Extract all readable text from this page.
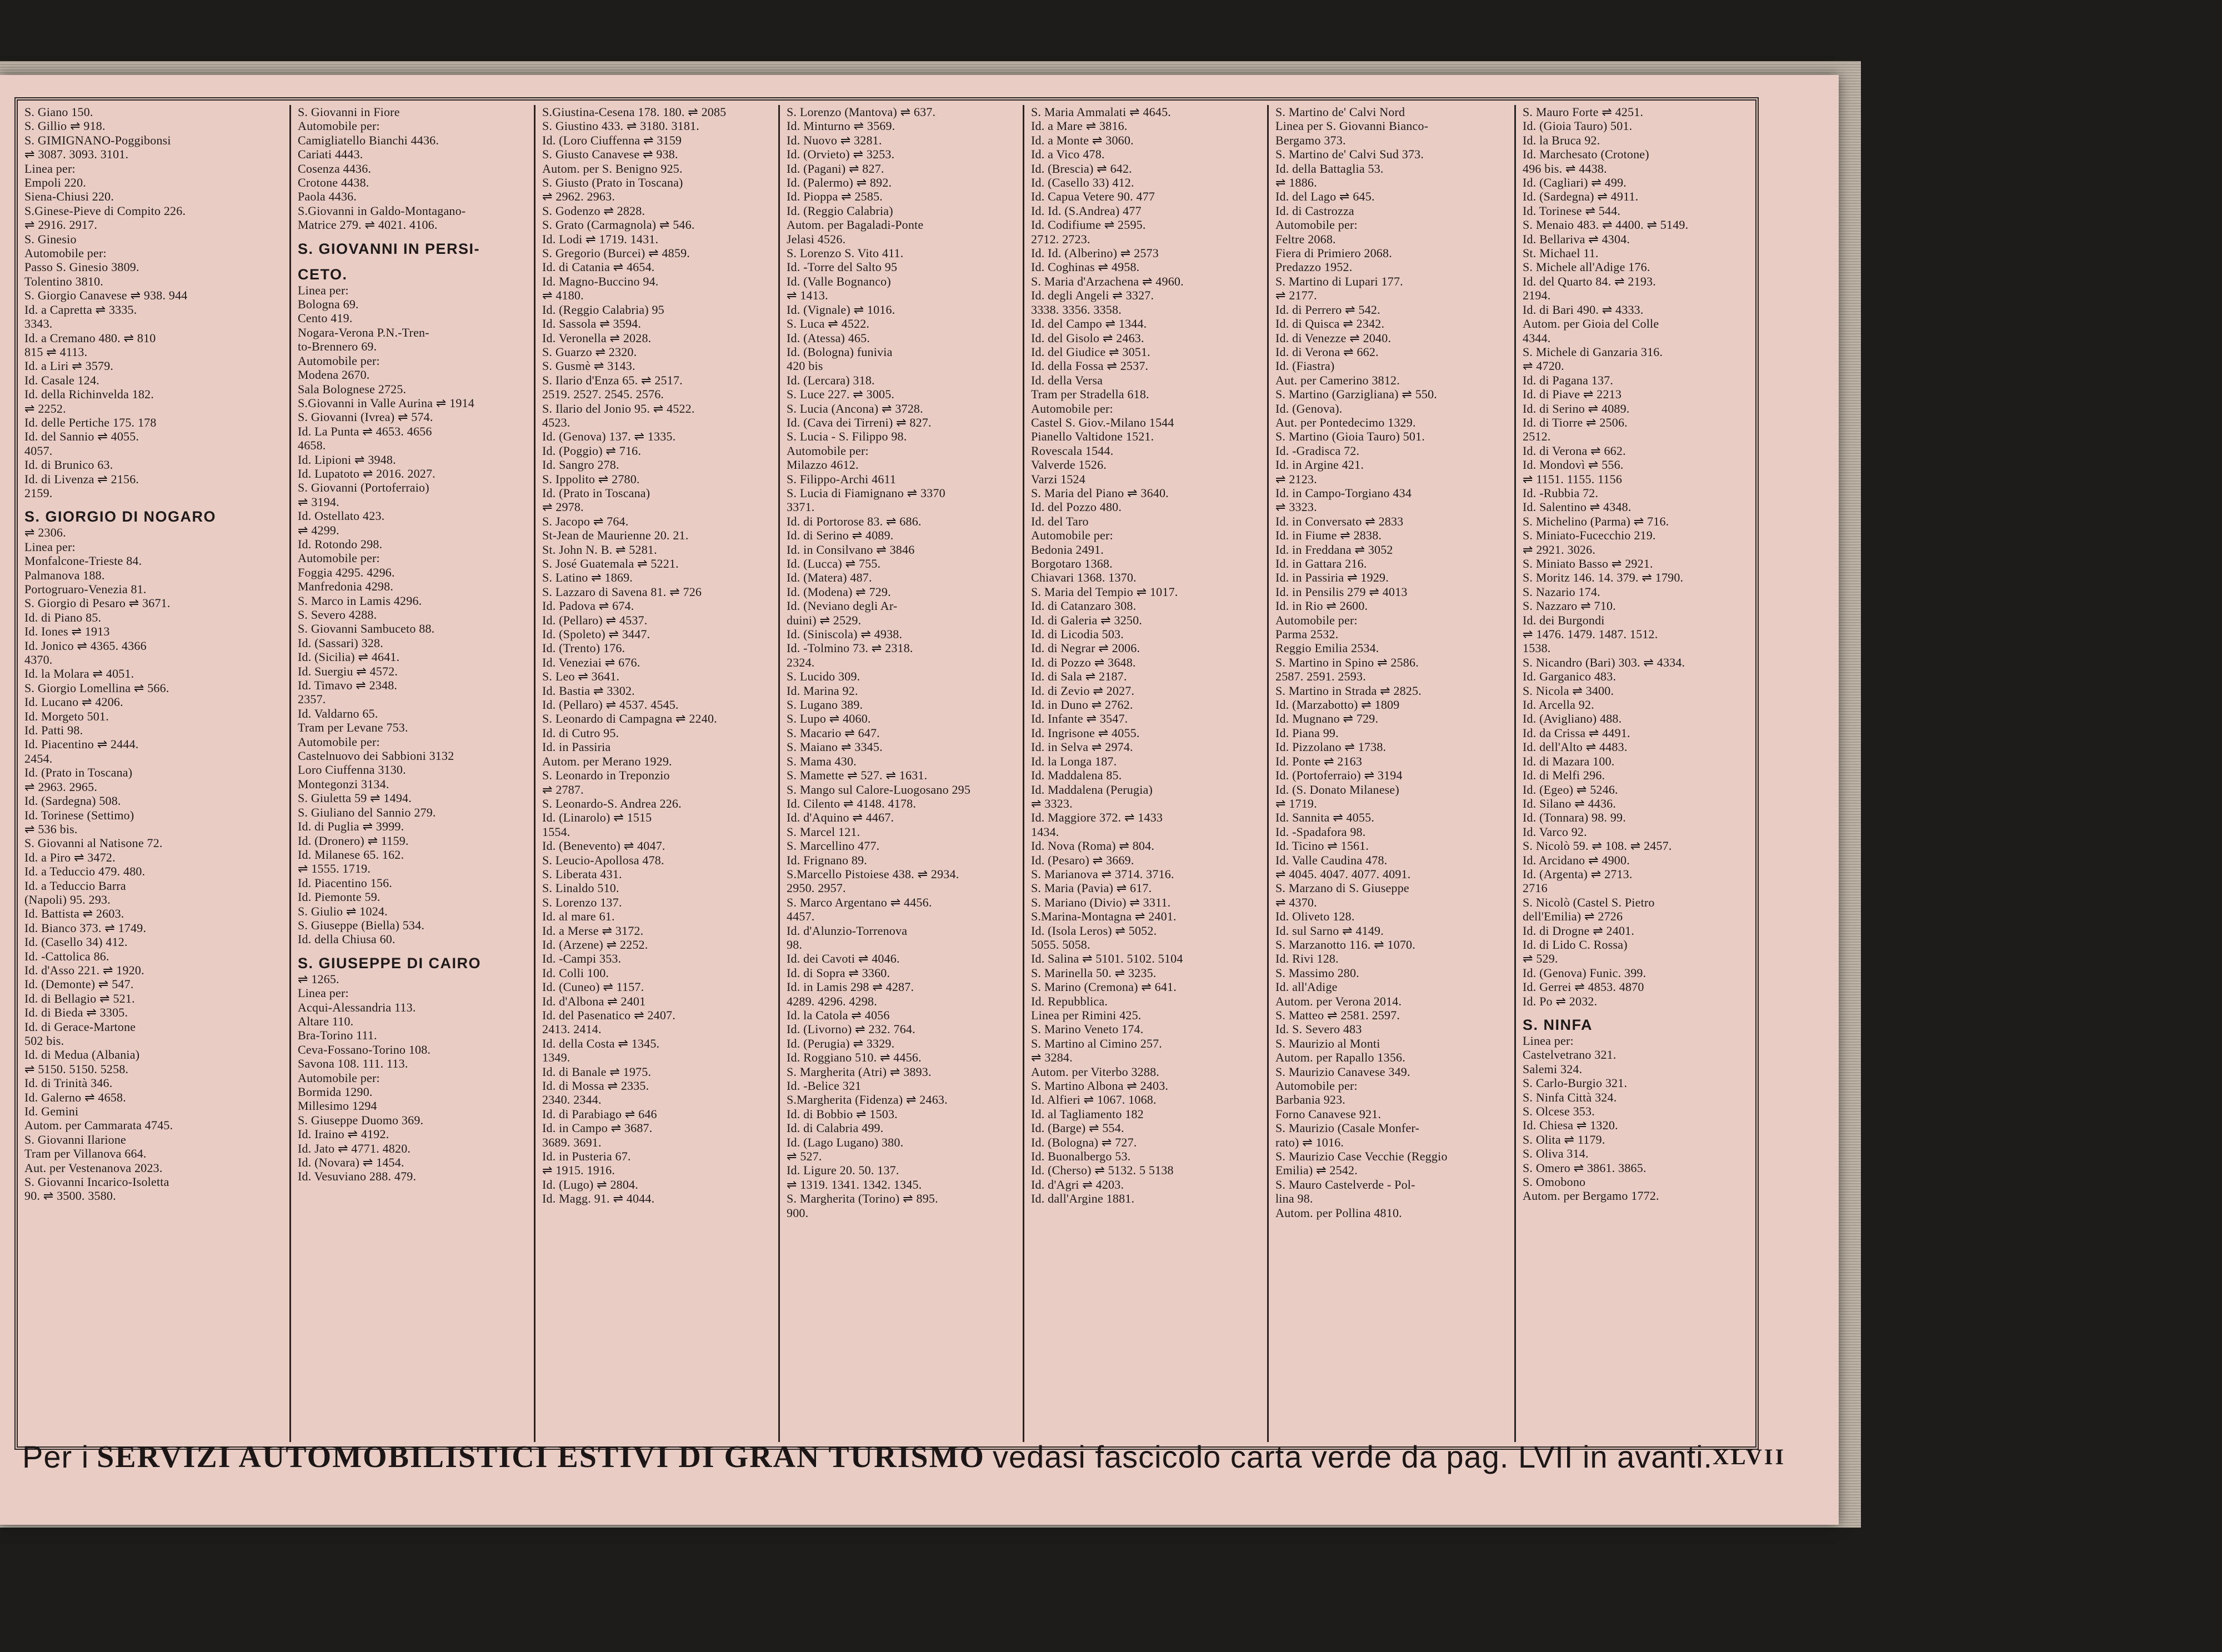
S. Giano 150.

S. Gillio ⇌ 918.

S. GIMIGNANO-Poggibonsi

⇌ 3087. 3093. 3101.

Linea per:

Empoli 220.

Siena-Chiusi 220.

S.Ginese-Pieve di Compito 226.

⇌ 2916. 2917.

S. Ginesio

Automobile per:

Passo S. Ginesio 3809.

Tolentino 3810.

S. Giorgio Canavese ⇌ 938. 944

Id. a Capretta ⇌ 3335.

3343.

Id. a Cremano 480. ⇌ 810

815 ⇌ 4113.

Id. a Liri ⇌ 3579.

Id. Casale 124.

Id. della Richinvelda 182.

⇌ 2252.

Id. delle Pertiche 175. 178

Id. del Sannio ⇌ 4055.

4057.

Id. di Brunico 63.

Id. di Livenza ⇌ 2156.

2159.

S. GIORGIO DI NOGARO

⇌ 2306.

Linea per:

Monfalcone-Trieste 84.

Palmanova 188.

Portogruaro-Venezia 81.

S. Giorgio di Pesaro ⇌ 3671.

Id. di Piano 85.

Id. Iones ⇌ 1913

Id. Jonico ⇌ 4365. 4366

4370.

Id. la Molara ⇌ 4051.

S. Giorgio Lomellina ⇌ 566.

Id. Lucano ⇌ 4206.

Id. Morgeto 501.

Id. Patti 98.

Id. Piacentino ⇌ 2444.

2454.

Id. (Prato in Toscana)

⇌ 2963. 2965.

Id. (Sardegna) 508.

Id. Torinese (Settimo)

⇌ 536 bis.

S. Giovanni al Natisone 72.

Id. a Piro ⇌ 3472.

Id. a Teduccio 479. 480.

Id. a Teduccio Barra

(Napoli) 95. 293.

Id. Battista ⇌ 2603.

Id. Bianco 373. ⇌ 1749.

Id. (Casello 34) 412.

Id. -Cattolica 86.

Id. d'Asso 221. ⇌ 1920.

Id. (Demonte) ⇌ 547.

Id. di Bellagio ⇌ 521.

Id. di Bieda ⇌ 3305.

Id. di Gerace-Martone

502 bis.

Id. di Medua (Albania)

⇌ 5150. 5150. 5258.

Id. di Trinità 346.

Id. Galerno ⇌ 4658.

Id. Gemini

Autom. per Cammarata 4745.

S. Giovanni Ilarione

Tram per Villanova 664.

Aut. per Vestenanova 2023.

S. Giovanni Incarico-Isoletta

90. ⇌ 3500. 3580.

S. Giovanni in Fiore

Automobile per:

Camigliatello Bianchi 4436.

Cariati 4443.

Cosenza 4436.

Crotone 4438.

Paola 4436.

S.Giovanni in Galdo-Montagano-

Matrice 279. ⇌ 4021. 4106.

S. GIOVANNI IN PERSI-

CETO.

Linea per:

Bologna 69.

Cento 419.

Nogara-Verona P.N.-Tren-

to-Brennero 69.

Automobile per:

Modena 2670.

Sala Bolognese 2725.

S.Giovanni in Valle Aurina ⇌ 1914

S. Giovanni (Ivrea) ⇌ 574.

Id. La Punta ⇌ 4653. 4656

4658.

Id. Lipioni ⇌ 3948.

Id. Lupatoto ⇌ 2016. 2027.

S. Giovanni (Portoferraio)

⇌ 3194.

Id. Ostellato 423.

⇌ 4299.

Id. Rotondo 298.

Automobile per:

Foggia 4295. 4296.

Manfredonia 4298.

S. Marco in Lamis 4296.

S. Severo 4288.

S. Giovanni Sambuceto 88.

Id. (Sassari) 328.

Id. (Sicilia) ⇌ 4641.

Id. Suergiu ⇌ 4572.

Id. Timavo ⇌ 2348.

2357.

Id. Valdarno 65.

Tram per Levane 753.

Automobile per:

Castelnuovo dei Sabbioni 3132

Loro Ciuffenna 3130.

Montegonzi 3134.

S. Giuletta 59 ⇌ 1494.

S. Giuliano del Sannio 279.

Id. di Puglia ⇌ 3999.

Id. (Dronero) ⇌ 1159.

Id. Milanese 65. 162.

⇌ 1555. 1719.

Id. Piacentino 156.

Id. Piemonte 59.

S. Giulio ⇌ 1024.

S. Giuseppe (Biella) 534.

Id. della Chiusa 60.

S. GIUSEPPE DI CAIRO

⇌ 1265.

Linea per:

Acqui-Alessandria 113.

Altare 110.

Bra-Torino 111.

Ceva-Fossano-Torino 108.

Savona 108. 111. 113.

Automobile per:

Bormida 1290.

Millesimo 1294

S. Giuseppe Duomo 369.

Id. Iraino ⇌ 4192.

Id. Jato ⇌ 4771. 4820.

Id. (Novara) ⇌ 1454.

Id. Vesuviano 288. 479.

S.Giustina-Cesena 178. 180. ⇌ 2085

S. Giustino 433. ⇌ 3180. 3181.

Id. (Loro Ciuffenna ⇌ 3159

S. Giusto Canavese ⇌ 938.

Autom. per S. Benigno 925.

S. Giusto (Prato in Toscana)

⇌ 2962. 2963.

S. Godenzo ⇌ 2828.

S. Grato (Carmagnola) ⇌ 546.

Id. Lodi ⇌ 1719. 1431.

S. Gregorio (Burcei) ⇌ 4859.

Id. di Catania ⇌ 4654.

Id. Magno-Buccino 94.

⇌ 4180.

Id. (Reggio Calabria) 95

Id. Sassola ⇌ 3594.

Id. Veronella ⇌ 2028.

S. Guarzo ⇌ 2320.

S. Gusmè ⇌ 3143.

S. Ilario d'Enza 65. ⇌ 2517.

2519. 2527. 2545. 2576.

S. Ilario del Jonio 95. ⇌ 4522.

4523.

Id. (Genova) 137. ⇌ 1335.

Id. (Poggio) ⇌ 716.

Id. Sangro 278.

S. Ippolito ⇌ 2780.

Id. (Prato in Toscana)

⇌ 2978.

S. Jacopo ⇌ 764.

St-Jean de Maurienne 20. 21.

St. John N. B. ⇌ 5281.

S. José Guatemala ⇌ 5221.

S. Latino ⇌ 1869.

S. Lazzaro di Savena 81. ⇌ 726

Id. Padova ⇌ 674.

Id. (Pellaro) ⇌ 4537.

Id. (Spoleto) ⇌ 3447.

Id. (Trento) 176.

Id. Veneziai ⇌ 676.

S. Leo ⇌ 3641.

Id. Bastia ⇌ 3302.

Id. (Pellaro) ⇌ 4537. 4545.

S. Leonardo di Campagna ⇌ 2240.

Id. di Cutro 95.

Id. in Passiria

Autom. per Merano 1929.

S. Leonardo in Treponzio

⇌ 2787.

S. Leonardo-S. Andrea 226.

Id. (Linarolo) ⇌ 1515

1554.

Id. (Benevento) ⇌ 4047.

S. Leucio-Apollosa 478.

S. Liberata 431.

S. Linaldo 510.

S. Lorenzo 137.

Id. al mare 61.

Id. a Merse ⇌ 3172.

Id. (Arzene) ⇌ 2252.

Id. -Campi 353.

Id. Colli 100.

Id. (Cuneo) ⇌ 1157.

Id. d'Albona ⇌ 2401

Id. del Pasenatico ⇌ 2407.

2413. 2414.

Id. della Costa ⇌ 1345.

1349.

Id. di Banale ⇌ 1975.

Id. di Mossa ⇌ 2335.

2340. 2344.

Id. di Parabiago ⇌ 646

Id. in Campo ⇌ 3687.

3689. 3691.

Id. in Pusteria 67.

⇌ 1915. 1916.

Id. (Lugo) ⇌ 2804.

Id. Magg. 91. ⇌ 4044.

S. Lorenzo (Mantova) ⇌ 637.

Id. Minturno ⇌ 3569.

Id. Nuovo ⇌ 3281.

Id. (Orvieto) ⇌ 3253.

Id. (Pagani) ⇌ 827.

Id. (Palermo) ⇌ 892.

Id. Pioppa ⇌ 2585.

Id. (Reggio Calabria)

Autom. per Bagaladi-Ponte

Jelasi 4526.

S. Lorenzo S. Vito 411.

Id. -Torre del Salto 95

Id. (Valle Bognanco)

⇌ 1413.

Id. (Vignale) ⇌ 1016.

S. Luca ⇌ 4522.

Id. (Atessa) 465.

Id. (Bologna) funivia

420 bis

Id. (Lercara) 318.

S. Luce 227. ⇌ 3005.

S. Lucia (Ancona) ⇌ 3728.

Id. (Cava dei Tirreni) ⇌ 827.

S. Lucia - S. Filippo 98.

Automobile per:

Milazzo 4612.

S. Filippo-Archi 4611

S. Lucia di Fiamignano ⇌ 3370

3371.

Id. di Portorose 83. ⇌ 686.

Id. di Serino ⇌ 4089.

Id. in Consilvano ⇌ 3846

Id. (Lucca) ⇌ 755.

Id. (Matera) 487.

Id. (Modena) ⇌ 729.

Id. (Neviano degli Ar-

duini) ⇌ 2529.

Id. (Siniscola) ⇌ 4938.

Id. -Tolmino 73. ⇌ 2318.

2324.

S. Lucido 309.

Id. Marina 92.

S. Lugano 389.

S. Lupo ⇌ 4060.

S. Macario ⇌ 647.

S. Maiano ⇌ 3345.

S. Mama 430.

S. Mamette ⇌ 527. ⇌ 1631.

S. Mango sul Calore-Luogosano 295

Id. Cilento ⇌ 4148. 4178.

Id. d'Aquino ⇌ 4467.

S. Marcel 121.

S. Marcellino 477.

Id. Frignano 89.

S.Marcello Pistoiese 438. ⇌ 2934.

2950. 2957.

S. Marco Argentano ⇌ 4456.

4457.

Id. d'Alunzio-Torrenova

98.

Id. dei Cavoti ⇌ 4046.

Id. di Sopra ⇌ 3360.

Id. in Lamis 298 ⇌ 4287.

4289. 4296. 4298.

Id. la Catola ⇌ 4056

Id. (Livorno) ⇌ 232. 764.

Id. (Perugia) ⇌ 3329.

Id. Roggiano 510. ⇌ 4456.

S. Margherita (Atri) ⇌ 3893.

Id. -Belice 321

S.Margherita (Fidenza) ⇌ 2463.

Id. di Bobbio ⇌ 1503.

Id. di Calabria 499.

Id. (Lago Lugano) 380.

⇌ 527.

Id. Ligure 20. 50. 137.

⇌ 1319. 1341. 1342. 1345.

S. Margherita (Torino) ⇌ 895.

900.

S. Maria Ammalati ⇌ 4645.

Id. a Mare ⇌ 3816.

Id. a Monte ⇌ 3060.

Id. a Vico 478.

Id. (Brescia) ⇌ 642.

Id. (Casello 33) 412.

Id. Capua Vetere 90. 477

Id. Id. (S.Andrea) 477

Id. Codifiume ⇌ 2595.

2712. 2723.

Id. Id. (Alberino) ⇌ 2573

Id. Coghinas ⇌ 4958.

S. Maria d'Arzachena ⇌ 4960.

Id. degli Angeli ⇌ 3327.

3338. 3356. 3358.

Id. del Campo ⇌ 1344.

Id. del Gisolo ⇌ 2463.

Id. del Giudice ⇌ 3051.

Id. della Fossa ⇌ 2537.

Id. della Versa

Tram per Stradella 618.

Automobile per:

Castel S. Giov.-Milano 1544

Pianello Valtidone 1521.

Rovescala 1544.

Valverde 1526.

Varzi 1524

S. Maria del Piano ⇌ 3640.

Id. del Pozzo 480.

Id. del Taro

Automobile per:

Bedonia 2491.

Borgotaro 1368.

Chiavari 1368. 1370.

S. Maria del Tempio ⇌ 1017.

Id. di Catanzaro 308.

Id. di Galeria ⇌ 3250.

Id. di Licodia 503.

Id. di Negrar ⇌ 2006.

Id. di Pozzo ⇌ 3648.

Id. di Sala ⇌ 2187.

Id. di Zevio ⇌ 2027.

Id. in Duno ⇌ 2762.

Id. Infante ⇌ 3547.

Id. Ingrisone ⇌ 4055.

Id. in Selva ⇌ 2974.

Id. la Longa 187.

Id. Maddalena 85.

Id. Maddalena (Perugia)

⇌ 3323.

Id. Maggiore 372. ⇌ 1433

1434.

Id. Nova (Roma) ⇌ 804.

Id. (Pesaro) ⇌ 3669.

S. Marianova ⇌ 3714. 3716.

S. Maria (Pavia) ⇌ 617.

S. Mariano (Divio) ⇌ 3311.

S.Marina-Montagna ⇌ 2401.

Id. (Isola Leros) ⇌ 5052.

5055. 5058.

Id. Salina ⇌ 5101. 5102. 5104

S. Marinella 50. ⇌ 3235.

S. Marino (Cremona) ⇌ 641.

Id. Repubblica.

Linea per Rimini 425.

S. Marino Veneto 174.

S. Martino al Cimino 257.

⇌ 3284.

Autom. per Viterbo 3288.

S. Martino Albona ⇌ 2403.

Id. Alfieri ⇌ 1067. 1068.

Id. al Tagliamento 182

Id. (Barge) ⇌ 554.

Id. (Bologna) ⇌ 727.

Id. Buonalbergo 53.

Id. (Cherso) ⇌ 5132. 5 5138

Id. d'Agri ⇌ 4203.

Id. dall'Argine 1881.

S. Martino de' Calvi Nord

Linea per S. Giovanni Bianco-

Bergamo 373.

S. Martino de' Calvi Sud 373.

Id. della Battaglia 53.

⇌ 1886.

Id. del Lago ⇌ 645.

Id. di Castrozza

Automobile per:

Feltre 2068.

Fiera di Primiero 2068.

Predazzo 1952.

S. Martino di Lupari 177.

⇌ 2177.

Id. di Perrero ⇌ 542.

Id. di Quisca ⇌ 2342.

Id. di Venezze ⇌ 2040.

Id. di Verona ⇌ 662.

Id. (Fiastra)

Aut. per Camerino 3812.

S. Martino (Garzigliana) ⇌ 550.

Id. (Genova).

Aut. per Pontedecimo 1329.

S. Martino (Gioia Tauro) 501.

Id. -Gradisca 72.

Id. in Argine 421.

⇌ 2123.

Id. in Campo-Torgiano 434

⇌ 3323.

Id. in Conversato ⇌ 2833

Id. in Fiume ⇌ 2838.

Id. in Freddana ⇌ 3052

Id. in Gattara 216.

Id. in Passiria ⇌ 1929.

Id. in Pensilis 279 ⇌ 4013

Id. in Rio ⇌ 2600.

Automobile per:

Parma 2532.

Reggio Emilia 2534.

S. Martino in Spino ⇌ 2586.

2587. 2591. 2593.

S. Martino in Strada ⇌ 2825.

Id. (Marzabotto) ⇌ 1809

Id. Mugnano ⇌ 729.

Id. Piana 99.

Id. Pizzolano ⇌ 1738.

Id. Ponte ⇌ 2163

Id. (Portoferraio) ⇌ 3194

Id. (S. Donato Milanese)

⇌ 1719.

Id. Sannita ⇌ 4055.

Id. -Spadafora 98.

Id. Ticino ⇌ 1561.

Id. Valle Caudina 478.

⇌ 4045. 4047. 4077. 4091.

S. Marzano di S. Giuseppe

⇌ 4370.

Id. Oliveto 128.

Id. sul Sarno ⇌ 4149.

S. Marzanotto 116. ⇌ 1070.

Id. Rivi 128.

S. Massimo 280.

Id. all'Adige

Autom. per Verona 2014.

S. Matteo ⇌ 2581. 2597.

Id. S. Severo 483

S. Maurizio al Monti

Autom. per Rapallo 1356.

S. Maurizio Canavese 349.

Automobile per:

Barbania 923.

Forno Canavese 921.

S. Maurizio (Casale Monfer-

rato) ⇌ 1016.

S. Maurizio Case Vecchie (Reggio

Emilia) ⇌ 2542.

S. Mauro Castelverde - Pol-

lina 98.

Autom. per Pollina 4810.

S. Mauro Forte ⇌ 4251.

Id. (Gioia Tauro) 501.

Id. la Bruca 92.

Id. Marchesato (Crotone)

496 bis. ⇌ 4438.

Id. (Cagliari) ⇌ 499.

Id. (Sardegna) ⇌ 4911.

Id. Torinese ⇌ 544.

S. Menaio 483. ⇌ 4400. ⇌ 5149.

Id. Bellariva ⇌ 4304.

St. Michael 11.

S. Michele all'Adige 176.

Id. del Quarto 84. ⇌ 2193.

2194.

Id. di Bari 490. ⇌ 4333.

Autom. per Gioia del Colle

4344.

S. Michele di Ganzaria 316.

⇌ 4720.

Id. di Pagana 137.

Id. di Piave ⇌ 2213

Id. di Serino ⇌ 4089.

Id. di Tiorre ⇌ 2506.

2512.

Id. di Verona ⇌ 662.

Id. Mondovì ⇌ 556.

⇌ 1151. 1155. 1156

Id. -Rubbia 72.

Id. Salentino ⇌ 4348.

S. Michelino (Parma) ⇌ 716.

S. Miniato-Fucecchio 219.

⇌ 2921. 3026.

S. Miniato Basso ⇌ 2921.

S. Moritz 146. 14. 379. ⇌ 1790.

S. Nazario 174.

S. Nazzaro ⇌ 710.

Id. dei Burgondi

⇌ 1476. 1479. 1487. 1512.

1538.

S. Nicandro (Bari) 303. ⇌ 4334.

Id. Garganico 483.

S. Nicola ⇌ 3400.

Id. Arcella 92.

Id. (Avigliano) 488.

Id. da Crissa ⇌ 4491.

Id. dell'Alto ⇌ 4483.

Id. di Mazara 100.

Id. di Melfi 296.

Id. (Egeo) ⇌ 5246.

Id. Silano ⇌ 4436.

Id. (Tonnara) 98. 99.

Id. Varco 92.

S. Nicolò 59. ⇌ 108. ⇌ 2457.

Id. Arcidano ⇌ 4900.

Id. (Argenta) ⇌ 2713.

2716

S. Nicolò (Castel S. Pietro

dell'Emilia) ⇌ 2726

Id. di Drogne ⇌ 2401.

Id. di Lido C. Rossa)

⇌ 529.

Id. (Genova) Funic. 399.

Id. Gerrei ⇌ 4853. 4870

Id. Po ⇌ 2032.

S. NINFA

Linea per:

Castelvetrano 321.

Salemi 324.

S. Carlo-Burgio 321.

S. Ninfa Città 324.

S. Olcese 353.

Id. Chiesa ⇌ 1320.

S. Olita ⇌ 1179.

S. Oliva 314.

S. Omero ⇌ 3861. 3865.

S. Omobono

Autom. per Bergamo 1772.

Per i SERVIZI AUTOMOBILISTICI ESTIVI DI GRAN TURISMO vedasi fascicolo carta verde da pag. LVII in avanti. XLVII
